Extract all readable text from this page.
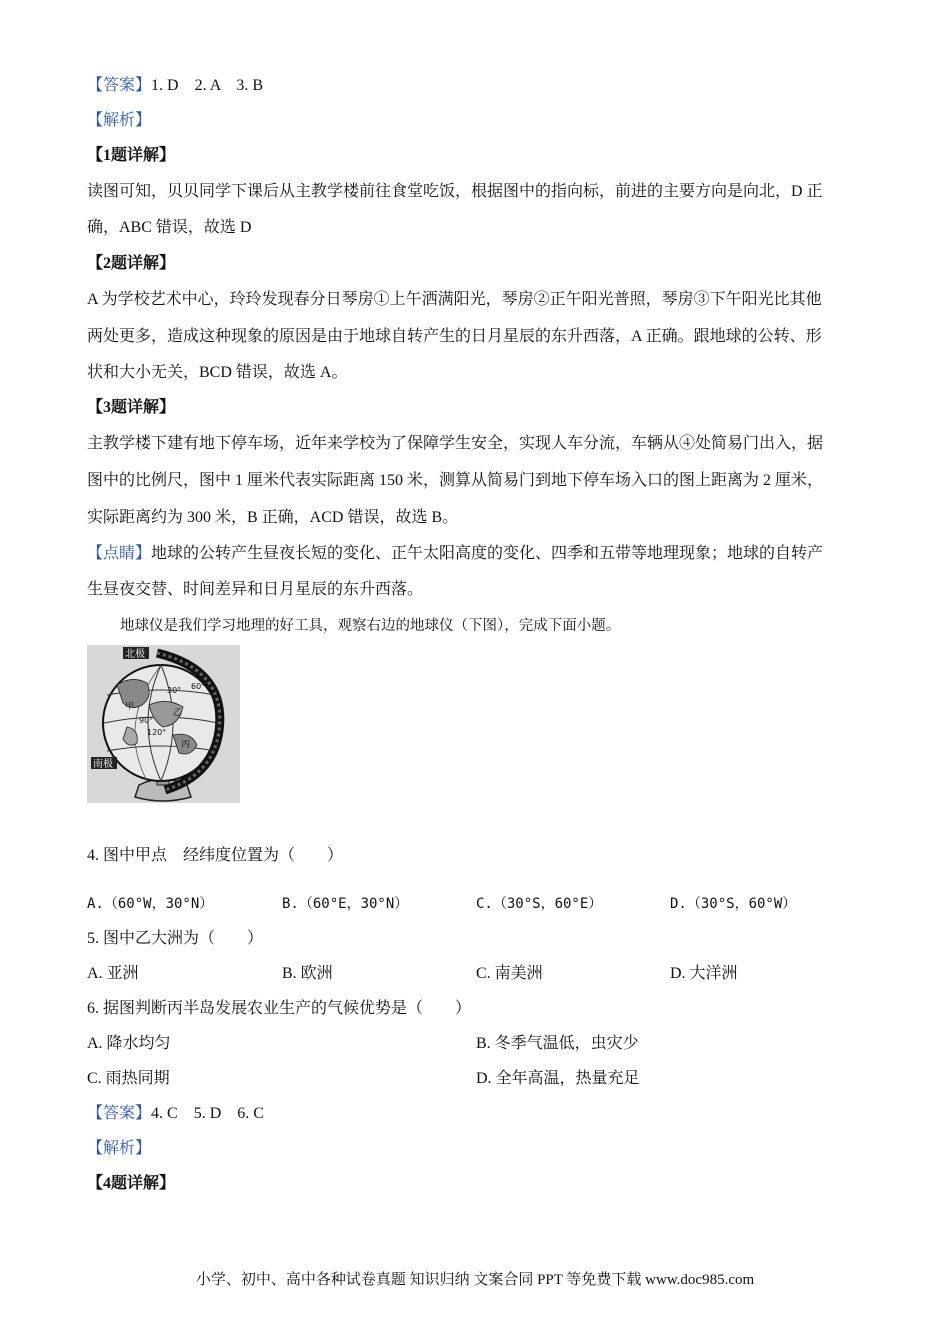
【答案】1. D　2. A　3. B
【解析】
【1题详解】
读图可知，贝贝同学下课后从主教学楼前往食堂吃饭，根据图中的指向标，前进的主要方向是向北，D 正
确，ABC 错误，故选 D
【2题详解】
A 为学校艺术中心，玲玲发现春分日琴房①上午洒满阳光，琴房②正午阳光普照，琴房③下午阳光比其他
两处更多，造成这种现象的原因是由于地球自转产生的日月星辰的东升西落，A 正确。跟地球的公转、形
状和大小无关，BCD 错误，故选 A。
【3题详解】
主教学楼下建有地下停车场，近年来学校为了保障学生安全，实现人车分流，车辆从④处简易门出入，据
图中的比例尺，图中 1 厘米代表实际距离 150 米，测算从简易门到地下停车场入口的图上距离为 2 厘米，
实际距离约为 300 米，B 正确，ACD 错误，故选 B。
【点睛】地球的公转产生昼夜长短的变化、正午太阳高度的变化、四季和五带等地理现象；地球的自转产
生昼夜交替、时间差异和日月星辰的东升西落。
地球仪是我们学习地理的好工具，观察右边的地球仪（下图），完成下面小题。
北极
南极
30° 60°
90°
120°
甲
乙
丙
4. 图中甲点　经纬度位置为（　　）
A.（60°W，30°N）	B.（60°E，30°N）	C.（30°S，60°E）	D.（30°S，60°W）
5. 图中乙大洲为（　　）
A. 亚洲	B. 欧洲	C. 南美洲	D. 大洋洲
6. 据图判断丙半岛发展农业生产的气候优势是（　　）
A. 降水均匀	B. 冬季气温低，虫灾少
C. 雨热同期	D. 全年高温，热量充足
【答案】4. C　5. D　6. C
【解析】
【4题详解】
小学、初中、高中各种试卷真题 知识归纳 文案合同 PPT 等免费下载 www.doc985.com
